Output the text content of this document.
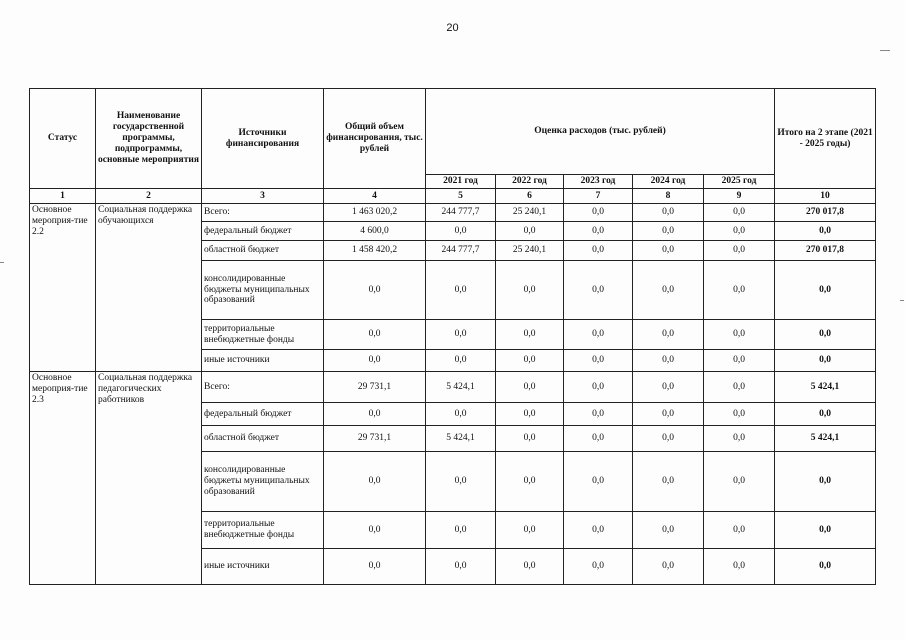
20
Статус	Наименование государственной программы, подпрограммы, основные мероприятия	Источники финансирования	Общий объем финансирования, тыс. рублей	Оценка расходов (тыс. рублей)					Итого на 2 этапе (2021 - 2025 годы)
				2021 год	2022 год	2023 год	2024 год	2025 год	
1	2	3	4	5	6	7	8	9	10
Основное мероприя-тие 2.2	Социальная поддержка обучающихся	Всего:	1 463 020,2	244 777,7	25 240,1	0,0	0,0	0,0	270 017,8
		федеральный бюджет	4 600,0	0,0	0,0	0,0	0,0	0,0	0,0
		областной бюджет	1 458 420,2	244 777,7	25 240,1	0,0	0,0	0,0	270 017,8
		консолидированные бюджеты муниципальных образований	0,0	0,0	0,0	0,0	0,0	0,0	0,0
		территориальные внебюджетные фонды	0,0	0,0	0,0	0,0	0,0	0,0	0,0
		иные источники	0,0	0,0	0,0	0,0	0,0	0,0	0,0
Основное мероприя-тие 2.3	Социальная поддержка педагогических работников	Всего:	29 731,1	5 424,1	0,0	0,0	0,0	0,0	5 424,1
		федеральный бюджет	0,0	0,0	0,0	0,0	0,0	0,0	0,0
		областной бюджет	29 731,1	5 424,1	0,0	0,0	0,0	0,0	5 424,1
		консолидированные бюджеты муниципальных образований	0,0	0,0	0,0	0,0	0,0	0,0	0,0
		территориальные внебюджетные фонды	0,0	0,0	0,0	0,0	0,0	0,0	0,0
		иные источники	0,0	0,0	0,0	0,0	0,0	0,0	0,0
